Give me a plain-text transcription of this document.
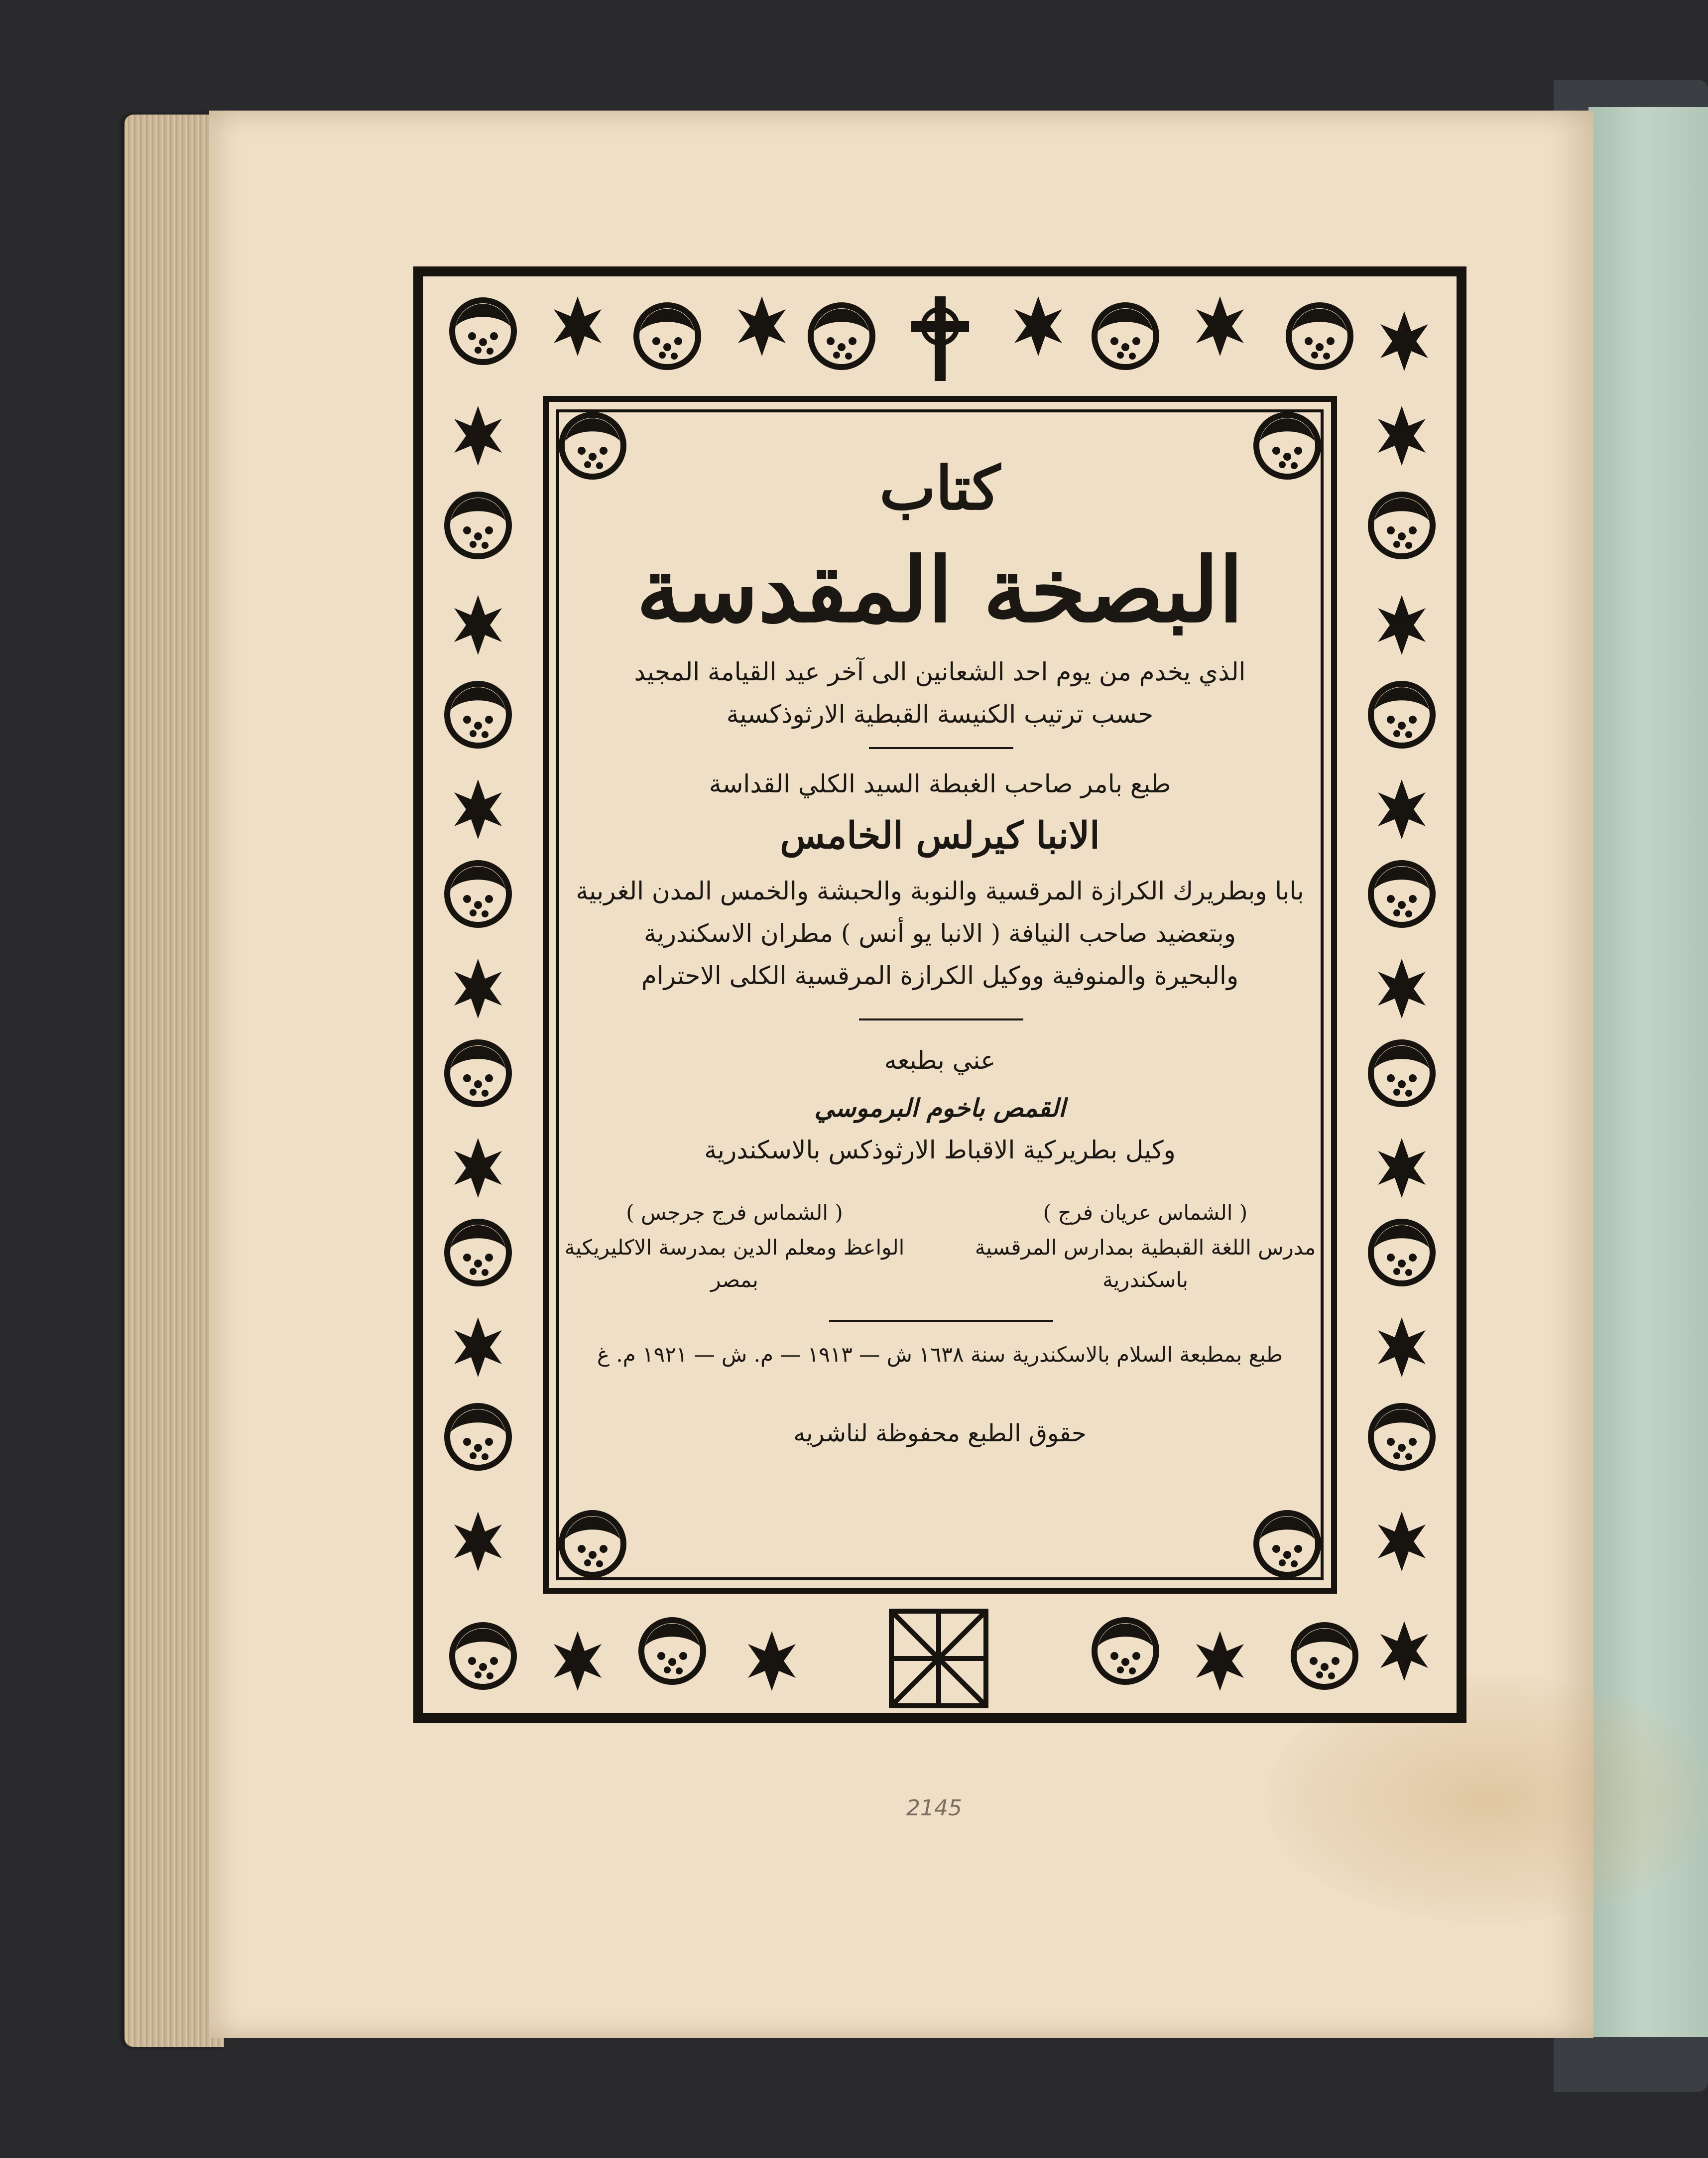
كتاب
البصخة المقدسة
الذي يخدم من يوم احد الشعانين الى آخر عيد القيامة المجيد
حسب ترتيب الكنيسة القبطية الارثوذكسية
طبع بامر صاحب الغبطة السيد الكلي القداسة
الانبا كيرلس الخامس
بابا وبطريرك الكرازة المرقسية والنوبة والحبشة والخمس المدن الغربية
وبتعضيد صاحب النيافة ( الانبا يو أنس ) مطران الاسكندرية
والبحيرة والمنوفية ووكيل الكرازة المرقسية الكلى الاحترام
عني بطبعه
القمص باخوم البرموسي
وكيل بطريركية الاقباط الارثوذكس بالاسكندرية
( الشماس عريان فرج )
مدرس اللغة القبطية بمدارس المرقسية
باسكندرية
( الشماس فرج جرجس )
الواعظ ومعلم الدين بمدرسة الاكليريكية
بمصر
طبع بمطبعة السلام بالاسكندرية سنة ١٦٣٨ ش — ١٩١٣ — م. ش — ١٩٢١ م. غ
حقوق الطبع محفوظة لناشريه
2145
